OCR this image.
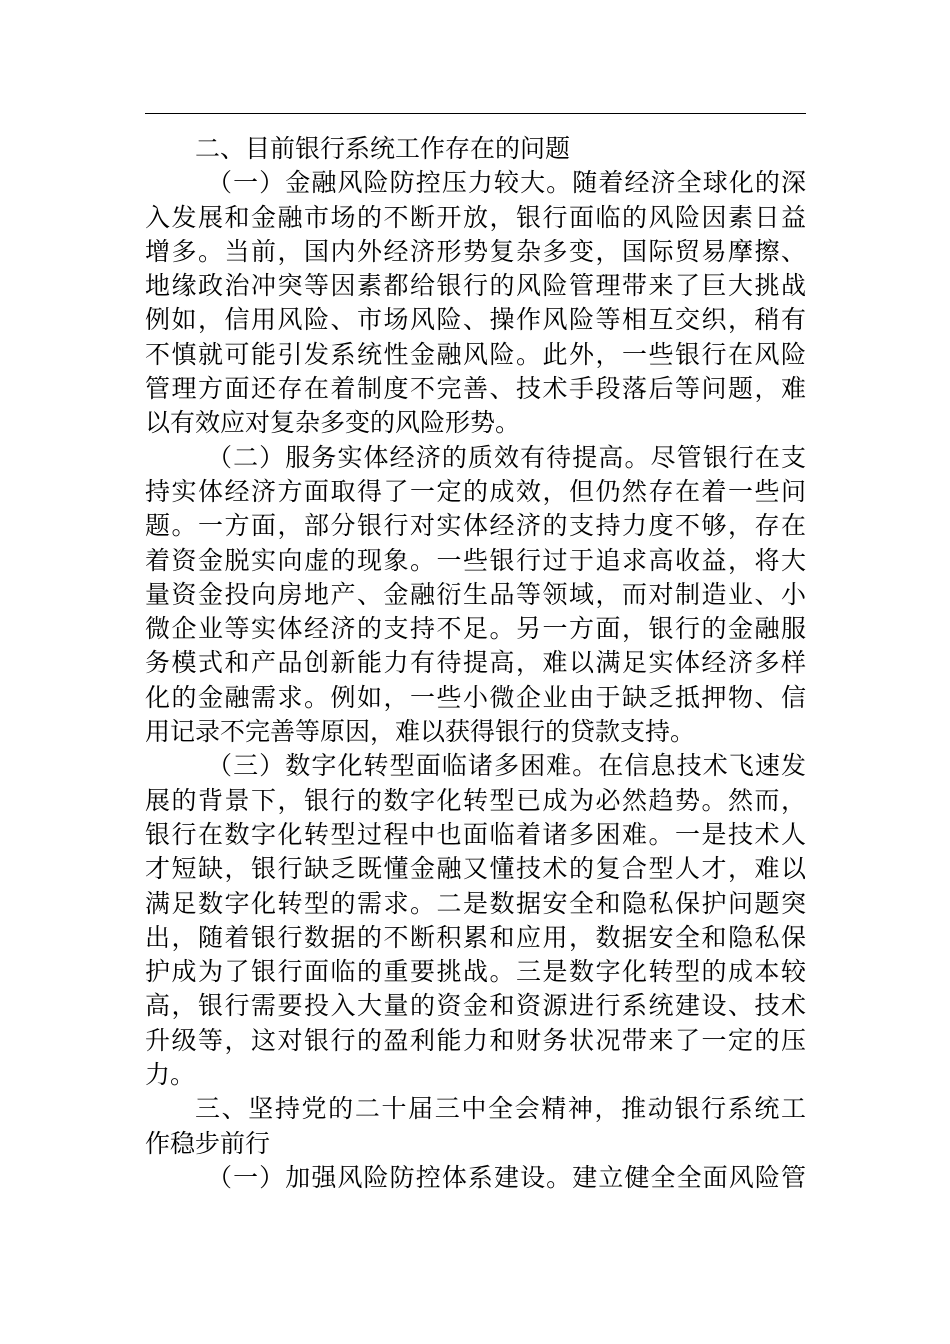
二、目前银行系统工作存在的问题
（一）金融风险防控压力较大。随着经济全球化的深
入发展和金融市场的不断开放，银行面临的风险因素日益
增多。当前，国内外经济形势复杂多变，国际贸易摩擦、
地缘政治冲突等因素都给银行的风险管理带来了巨大挑战
例如，信用风险、市场风险、操作风险等相互交织，稍有
不慎就可能引发系统性金融风险。此外，一些银行在风险
管理方面还存在着制度不完善、技术手段落后等问题，难
以有效应对复杂多变的风险形势。
（二）服务实体经济的质效有待提高。尽管银行在支
持实体经济方面取得了一定的成效，但仍然存在着一些问
题。一方面，部分银行对实体经济的支持力度不够，存在
着资金脱实向虚的现象。一些银行过于追求高收益，将大
量资金投向房地产、金融衍生品等领域，而对制造业、小
微企业等实体经济的支持不足。另一方面，银行的金融服
务模式和产品创新能力有待提高，难以满足实体经济多样
化的金融需求。例如，一些小微企业由于缺乏抵押物、信
用记录不完善等原因，难以获得银行的贷款支持。
（三）数字化转型面临诸多困难。在信息技术飞速发
展的背景下，银行的数字化转型已成为必然趋势。然而，
银行在数字化转型过程中也面临着诸多困难。一是技术人
才短缺，银行缺乏既懂金融又懂技术的复合型人才，难以
满足数字化转型的需求。二是数据安全和隐私保护问题突
出，随着银行数据的不断积累和应用，数据安全和隐私保
护成为了银行面临的重要挑战。三是数字化转型的成本较
高，银行需要投入大量的资金和资源进行系统建设、技术
升级等，这对银行的盈利能力和财务状况带来了一定的压
力。
三、坚持党的二十届三中全会精神，推动银行系统工
作稳步前行
（一）加强风险防控体系建设。建立健全全面风险管
